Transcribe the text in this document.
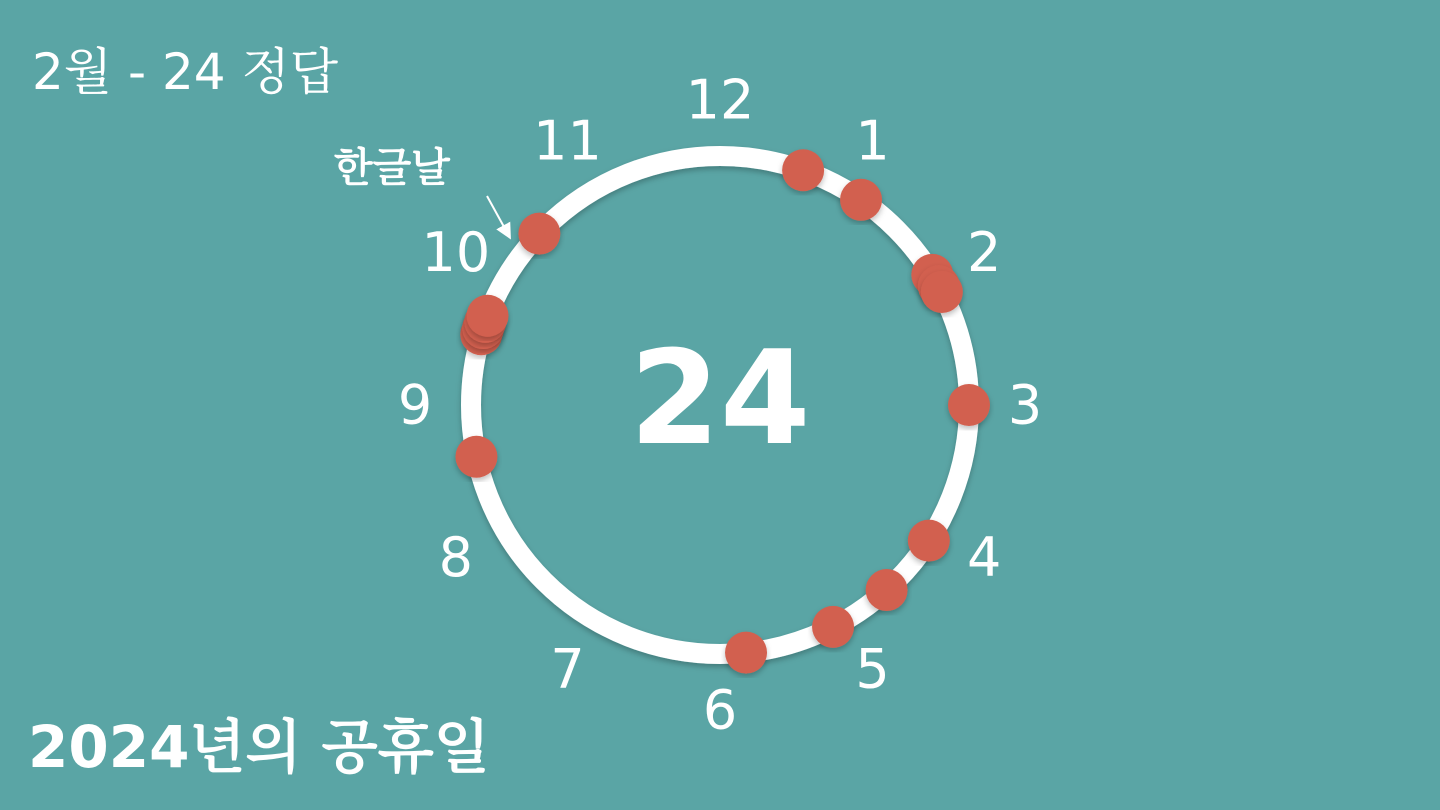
2월 - 24 정답	12
1
2
3
4
5
6
7
8
9
10
11
한글날
24
2024년의 공휴일
